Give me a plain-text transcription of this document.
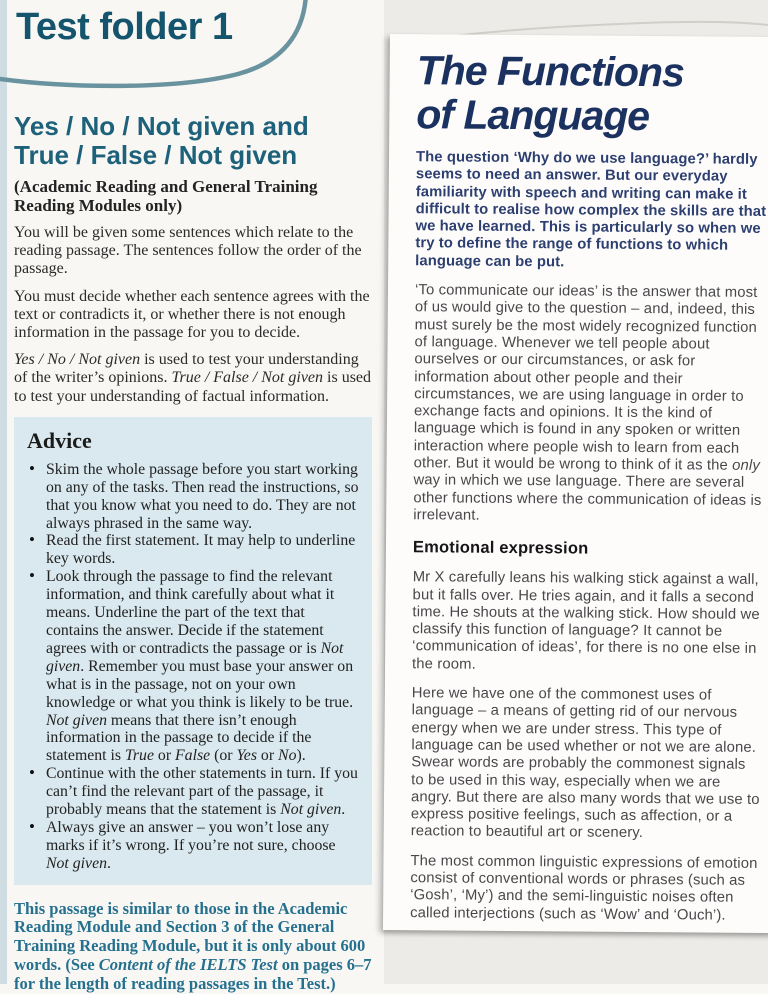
Test folder 1
Yes / No / Not given and
True / False / Not given

(Academic Reading and General Training Reading Modules only)

You will be given some sentences which relate to the reading passage. The sentences follow the order of the passage.

You must decide whether each sentence agrees with the text or contradicts it, or whether there is not enough information in the passage for you to decide.

Yes / No / Not given is used to test your understanding of the writer’s opinions. True / False / Not given is used to test your understanding of factual information.

Advice
• Skim the whole passage before you start working on any of the tasks. Then read the instructions, so that you know what you need to do. They are not always phrased in the same way.
• Read the first statement. It may help to underline key words.
• Look through the passage to find the relevant information, and think carefully about what it means. Underline the part of the text that contains the answer. Decide if the statement agrees with or contradicts the passage or is Not given. Remember you must base your answer on what is in the passage, not on your own knowledge or what you think is likely to be true. Not given means that there isn’t enough information in the passage to decide if the statement is True or False (or Yes or No).
• Continue with the other statements in turn. If you can’t find the relevant part of the passage, it probably means that the statement is Not given.
• Always give an answer – you won’t lose any marks if it’s wrong. If you’re not sure, choose Not given.

This passage is similar to those in the Academic Reading Module and Section 3 of the General Training Reading Module, but it is only about 600 words. (See Content of the IELTS Test on pages 6–7 for the length of reading passages in the Test.)

The Functions
of Language

The question ‘Why do we use language?’ hardly seems to need an answer. But our everyday familiarity with speech and writing can make it difficult to realise how complex the skills are that we have learned. This is particularly so when we try to define the range of functions to which language can be put.

‘To communicate our ideas’ is the answer that most of us would give to the question – and, indeed, this must surely be the most widely recognized function of language. Whenever we tell people about ourselves or our circumstances, or ask for information about other people and their circumstances, we are using language in order to exchange facts and opinions. It is the kind of language which is found in any spoken or written interaction where people wish to learn from each other. But it would be wrong to think of it as the only way in which we use language. There are several other functions where the communication of ideas is irrelevant.

Emotional expression

Mr X carefully leans his walking stick against a wall, but it falls over. He tries again, and it falls a second time. He shouts at the walking stick. How should we classify this function of language? It cannot be ‘communication of ideas’, for there is no one else in the room.

Here we have one of the commonest uses of language – a means of getting rid of our nervous energy when we are under stress. This type of language can be used whether or not we are alone. Swear words are probably the commonest signals to be used in this way, especially when we are angry. But there are also many words that we use to express positive feelings, such as affection, or a reaction to beautiful art or scenery.

The most common linguistic expressions of emotion consist of conventional words or phrases (such as ‘Gosh’, ‘My’) and the semi-linguistic noises often called interjections (such as ‘Wow’ and ‘Ouch’).
